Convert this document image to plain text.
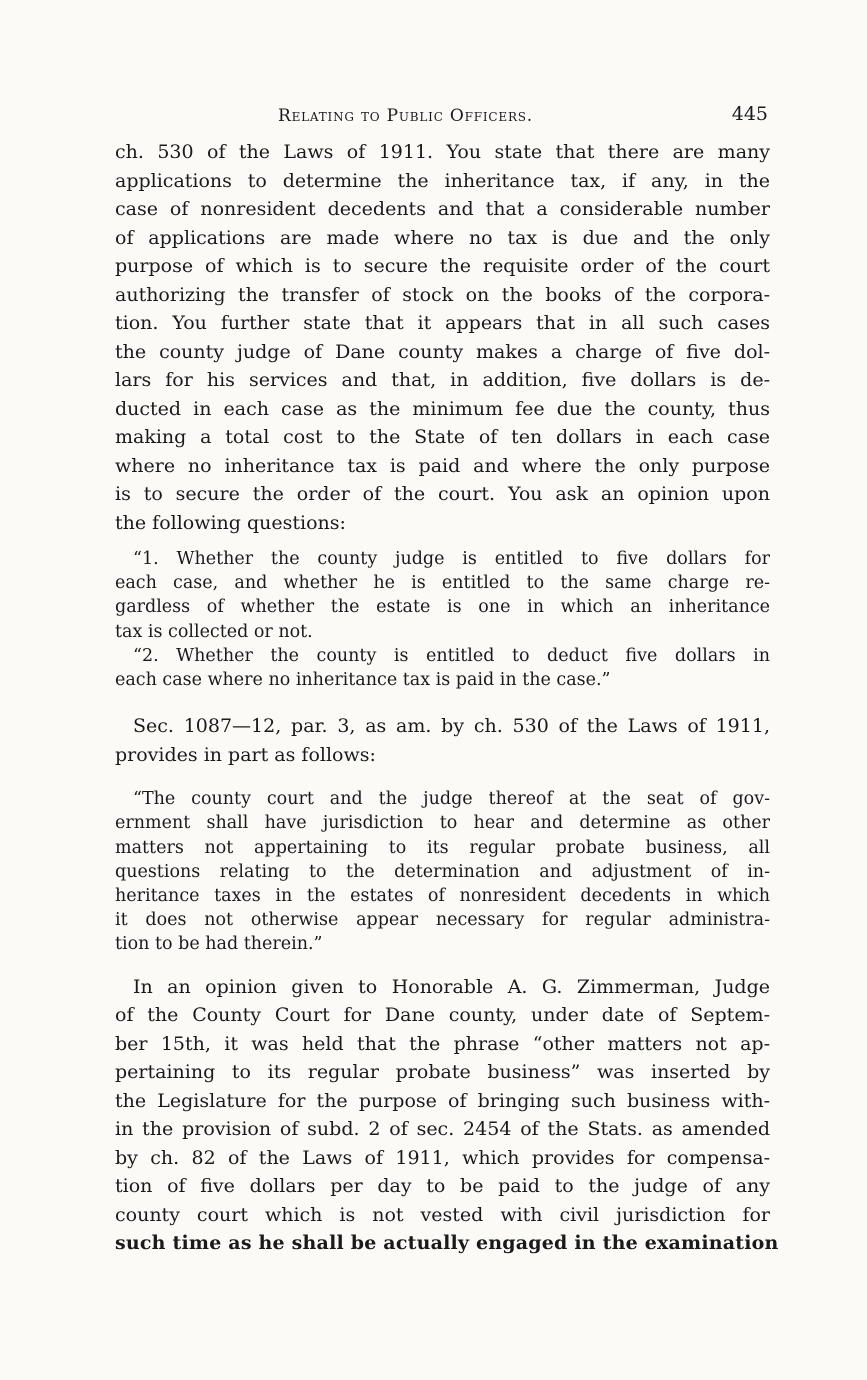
Relating to Public Officers.	445
ch. 530 of the Laws of 1911. You state that there are many
applications to determine the inheritance tax, if any, in the
case of nonresident decedents and that a considerable number
of applications are made where no tax is due and the only
purpose of which is to secure the requisite order of the court
authorizing the transfer of stock on the books of the corpora-
tion. You further state that it appears that in all such cases
the county judge of Dane county makes a charge of five dol-
lars for his services and that, in addition, five dollars is de-
ducted in each case as the minimum fee due the county, thus
making a total cost to the State of ten dollars in each case
where no inheritance tax is paid and where the only purpose
is to secure the order of the court. You ask an opinion upon
the following questions:
“1. Whether the county judge is entitled to five dollars for
each case, and whether he is entitled to the same charge re-
gardless of whether the estate is one in which an inheritance
tax is collected or not.
“2. Whether the county is entitled to deduct five dollars in
each case where no inheritance tax is paid in the case.”
Sec. 1087—12, par. 3, as am. by ch. 530 of the Laws of 1911,
provides in part as follows:
“The county court and the judge thereof at the seat of gov-
ernment shall have jurisdiction to hear and determine as other
matters not appertaining to its regular probate business, all
questions relating to the determination and adjustment of in-
heritance taxes in the estates of nonresident decedents in which
it does not otherwise appear necessary for regular administra-
tion to be had therein.”
In an opinion given to Honorable A. G. Zimmerman, Judge
of the County Court for Dane county, under date of Septem-
ber 15th, it was held that the phrase “other matters not ap-
pertaining to its regular probate business” was inserted by
the Legislature for the purpose of bringing such business with-
in the provision of subd. 2 of sec. 2454 of the Stats. as amended
by ch. 82 of the Laws of 1911, which provides for compensa-
tion of five dollars per day to be paid to the judge of any
county court which is not vested with civil jurisdiction for
such time as he shall be actually engaged in the examination
